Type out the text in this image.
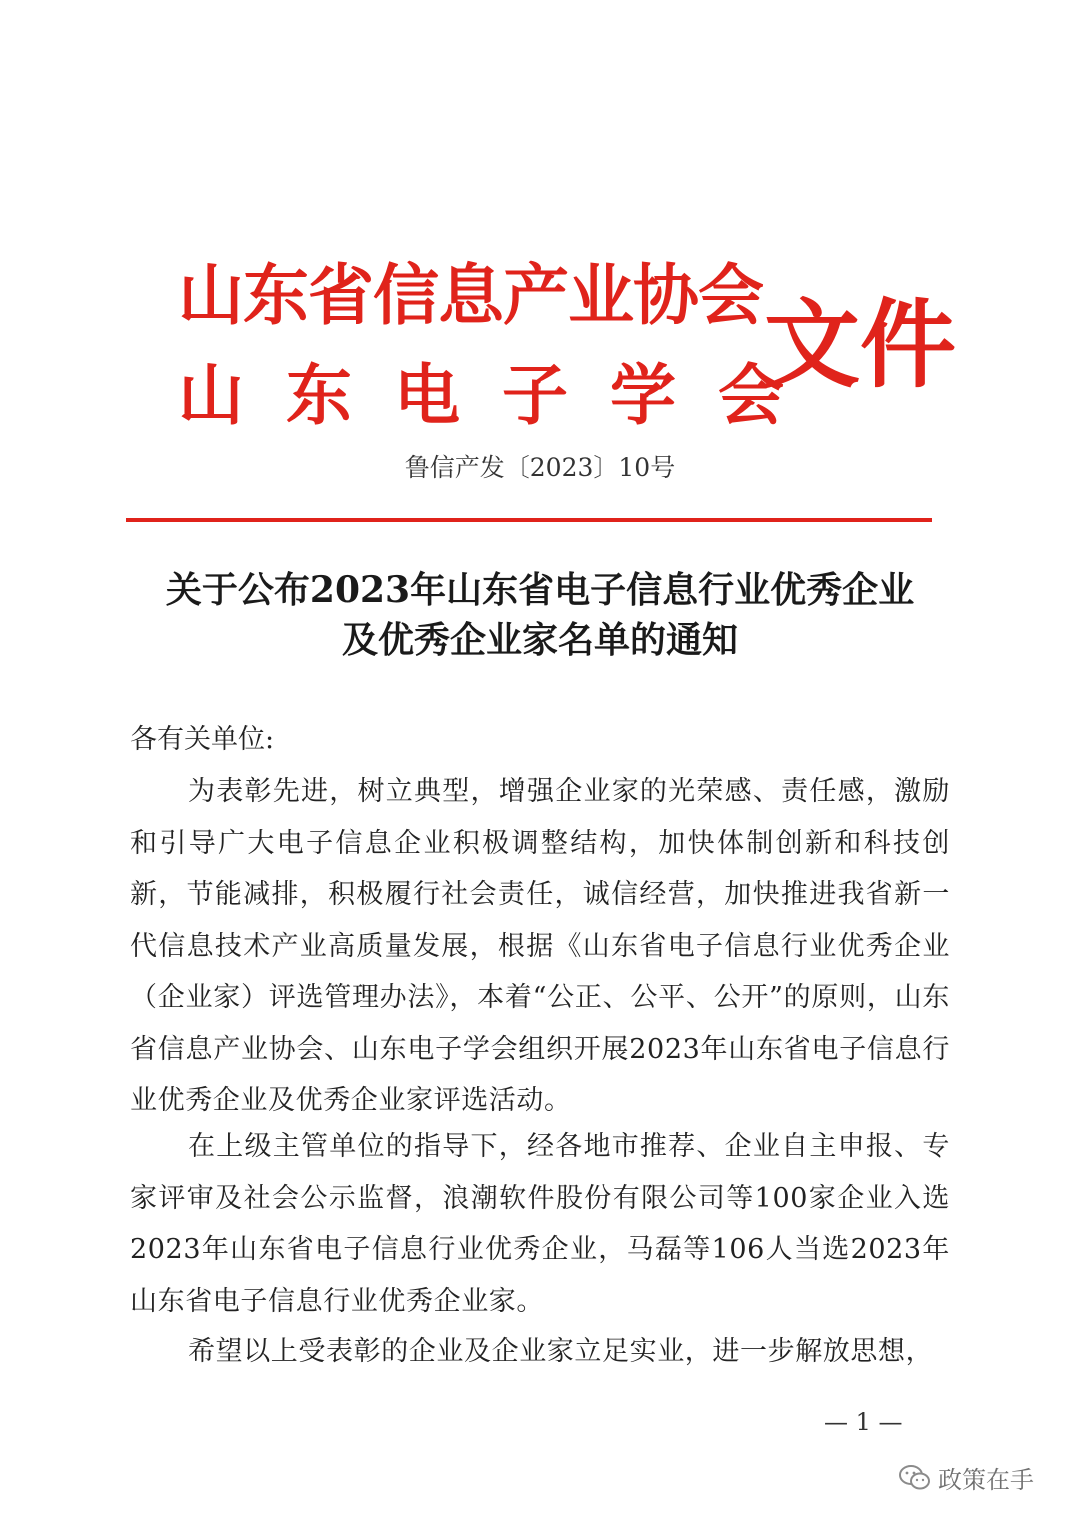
山东省信息产业协会
山东电子学会
文件
鲁信产发〔2023〕10号
关于公布2023年山东省电子信息行业优秀企业
及优秀企业家名单的通知
各有关单位:
为表彰先进，树立典型，增强企业家的光荣感、责任感，激励和引导广大电子信息企业积极调整结构，加快体制创新和科技创新，节能减排，积极履行社会责任，诚信经营，加快推进我省新一代信息技术产业高质量发展，根据《山东省电子信息行业优秀企业（企业家）评选管理办法》，本着“公正、公平、公开”的原则，山东省信息产业协会、山东电子学会组织开展2023年山东省电子信息行业优秀企业及优秀企业家评选活动。
在上级主管单位的指导下，经各地市推荐、企业自主申报、专家评审及社会公示监督，浪潮软件股份有限公司等100家企业入选2023年山东省电子信息行业优秀企业，马磊等106人当选2023年山东省电子信息行业优秀企业家。
希望以上受表彰的企业及企业家立足实业，进一步解放思想，
— 1 —
政策在手
